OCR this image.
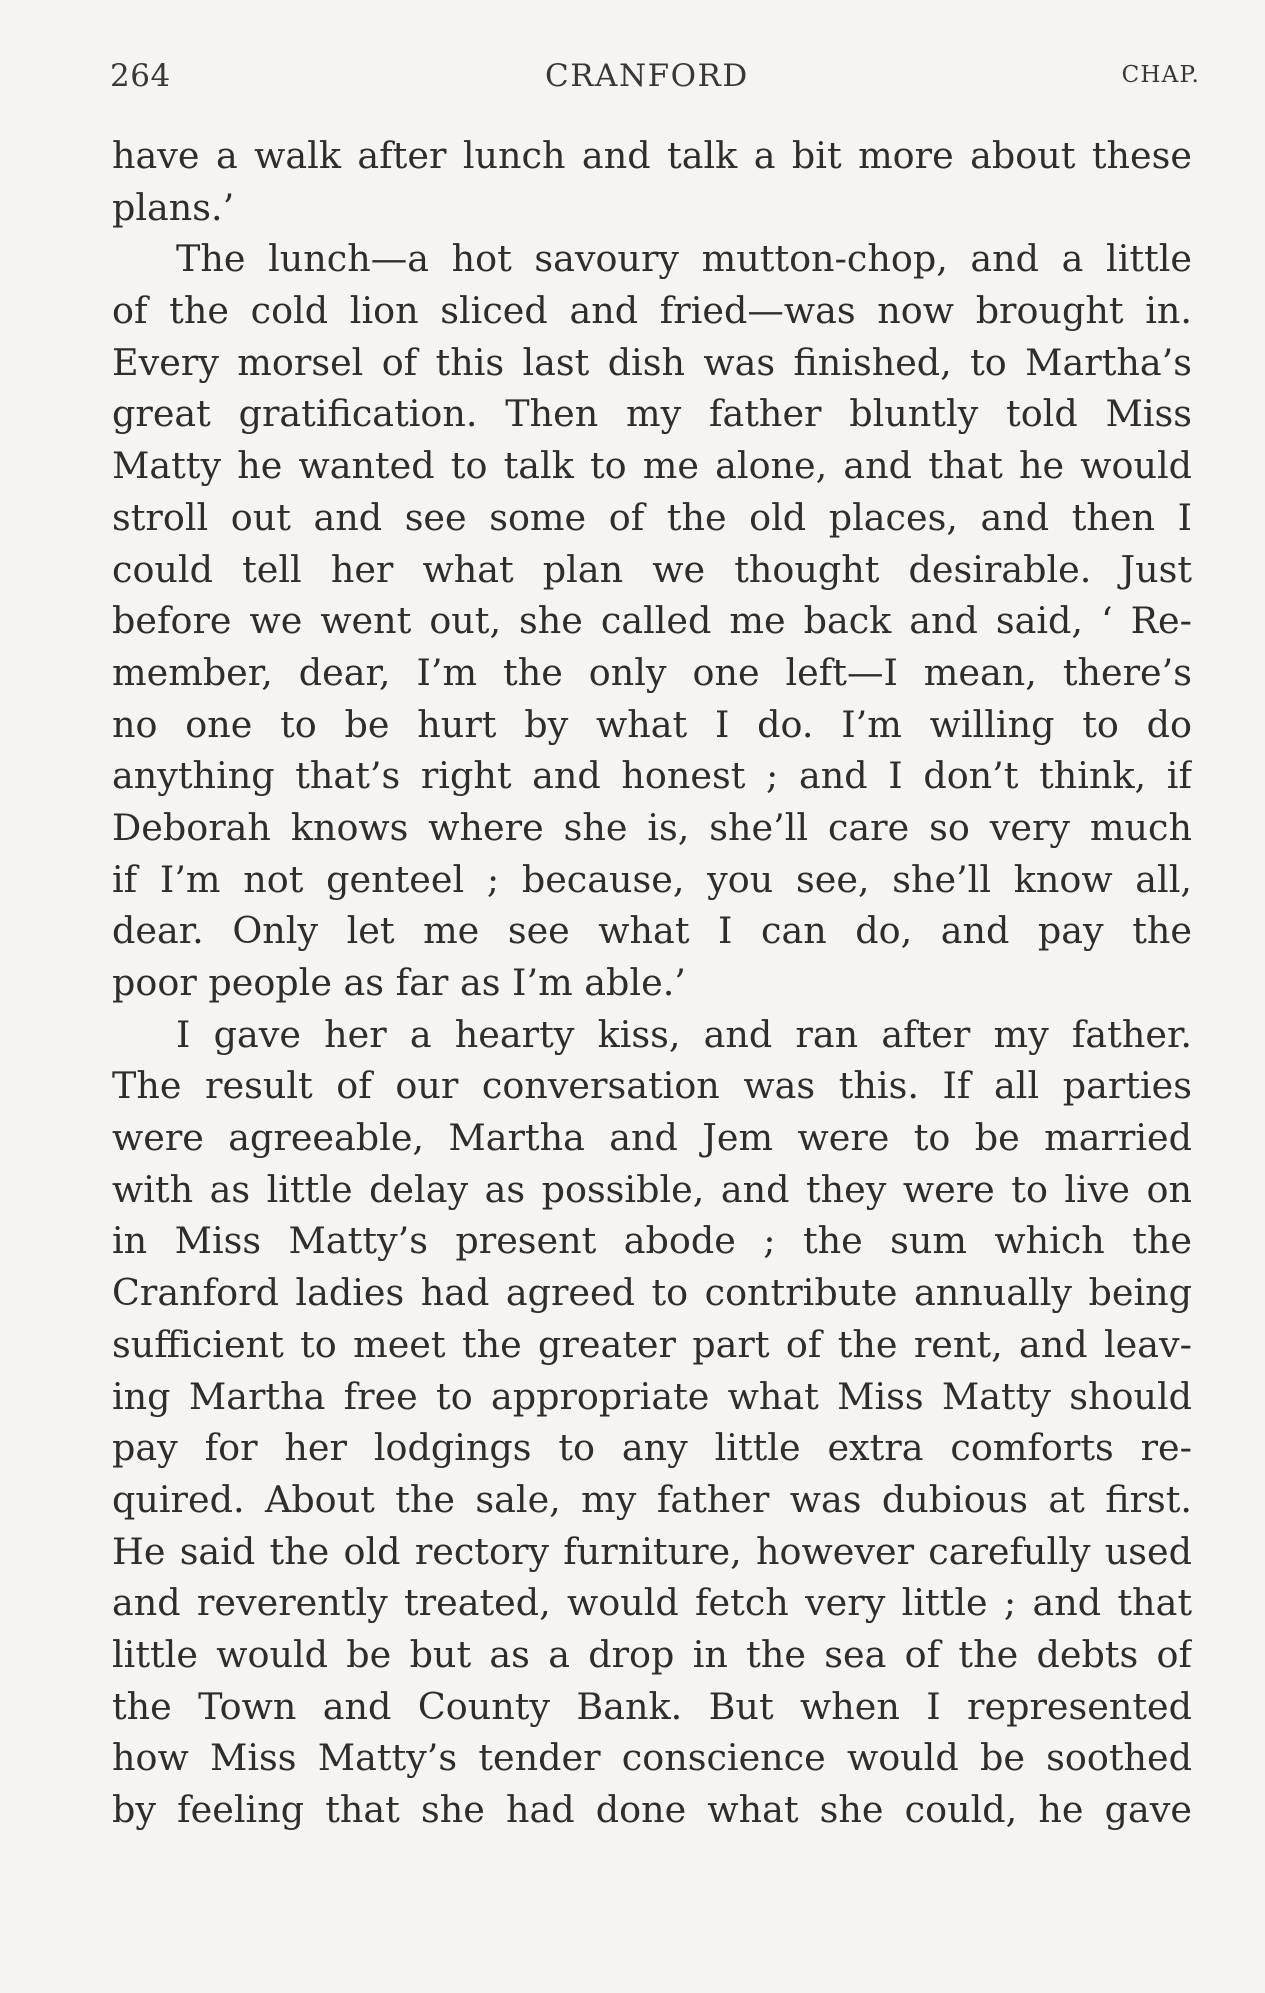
264	CRANFORD	CHAP.
have a walk after lunch and talk a bit more about these
plans.’
The lunch—a hot savoury mutton-chop, and a little
of the cold lion sliced and fried—was now brought in.
Every morsel of this last dish was finished, to Martha’s
great gratification. Then my father bluntly told Miss
Matty he wanted to talk to me alone, and that he would
stroll out and see some of the old places, and then I
could tell her what plan we thought desirable. Just
before we went out, she called me back and said, ‘ Re-
member, dear, I’m the only one left—I mean, there’s
no one to be hurt by what I do. I’m willing to do
anything that’s right and honest ; and I don’t think, if
Deborah knows where she is, she’ll care so very much
if I’m not genteel ; because, you see, she’ll know all,
dear. Only let me see what I can do, and pay the
poor people as far as I’m able.’
I gave her a hearty kiss, and ran after my father.
The result of our conversation was this. If all parties
were agreeable, Martha and Jem were to be married
with as little delay as possible, and they were to live on
in Miss Matty’s present abode ; the sum which the
Cranford ladies had agreed to contribute annually being
sufficient to meet the greater part of the rent, and leav-
ing Martha free to appropriate what Miss Matty should
pay for her lodgings to any little extra comforts re-
quired. About the sale, my father was dubious at first.
He said the old rectory furniture, however carefully used
and reverently treated, would fetch very little ; and that
little would be but as a drop in the sea of the debts of
the Town and County Bank. But when I represented
how Miss Matty’s tender conscience would be soothed
by feeling that she had done what she could, he gave
